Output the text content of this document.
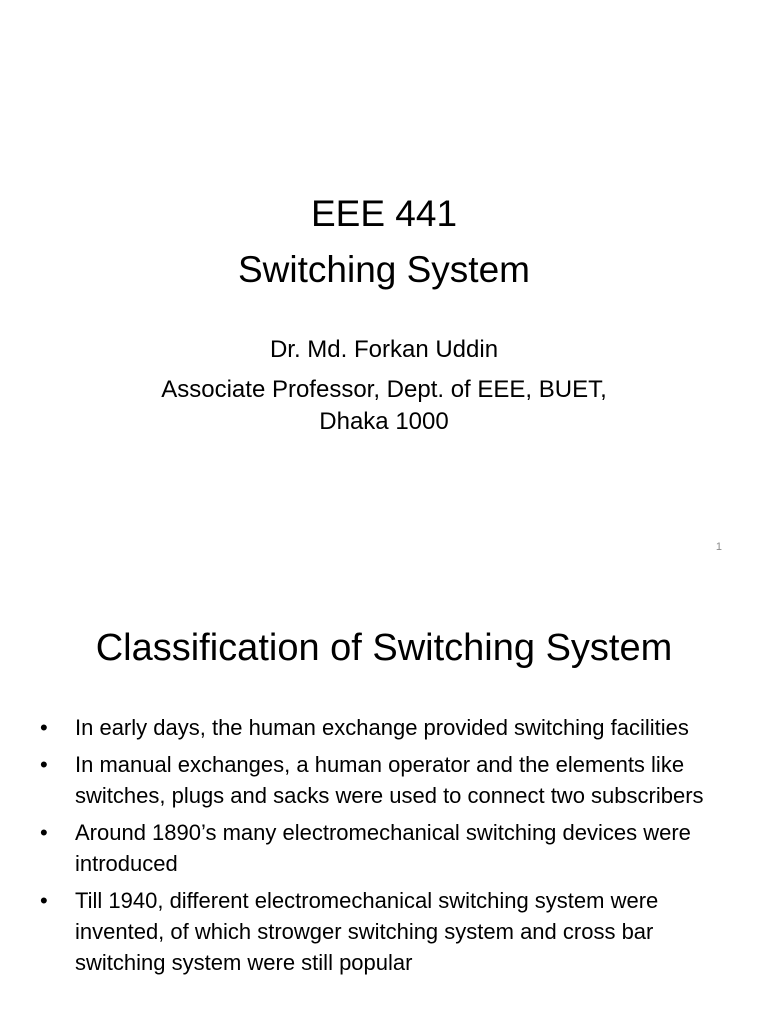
EEE 441
Switching System
Dr. Md. Forkan Uddin
Associate Professor, Dept. of EEE, BUET, Dhaka 1000
1
Classification of Switching System
•	In early days, the human exchange provided switching facilities
•	In manual exchanges, a human operator and the elements like switches, plugs and sacks were used to connect two subscribers
•	Around 1890’s many electromechanical switching devices were introduced
•	Till 1940, different electromechanical switching system were invented, of which strowger switching system and cross bar switching system were still popular
